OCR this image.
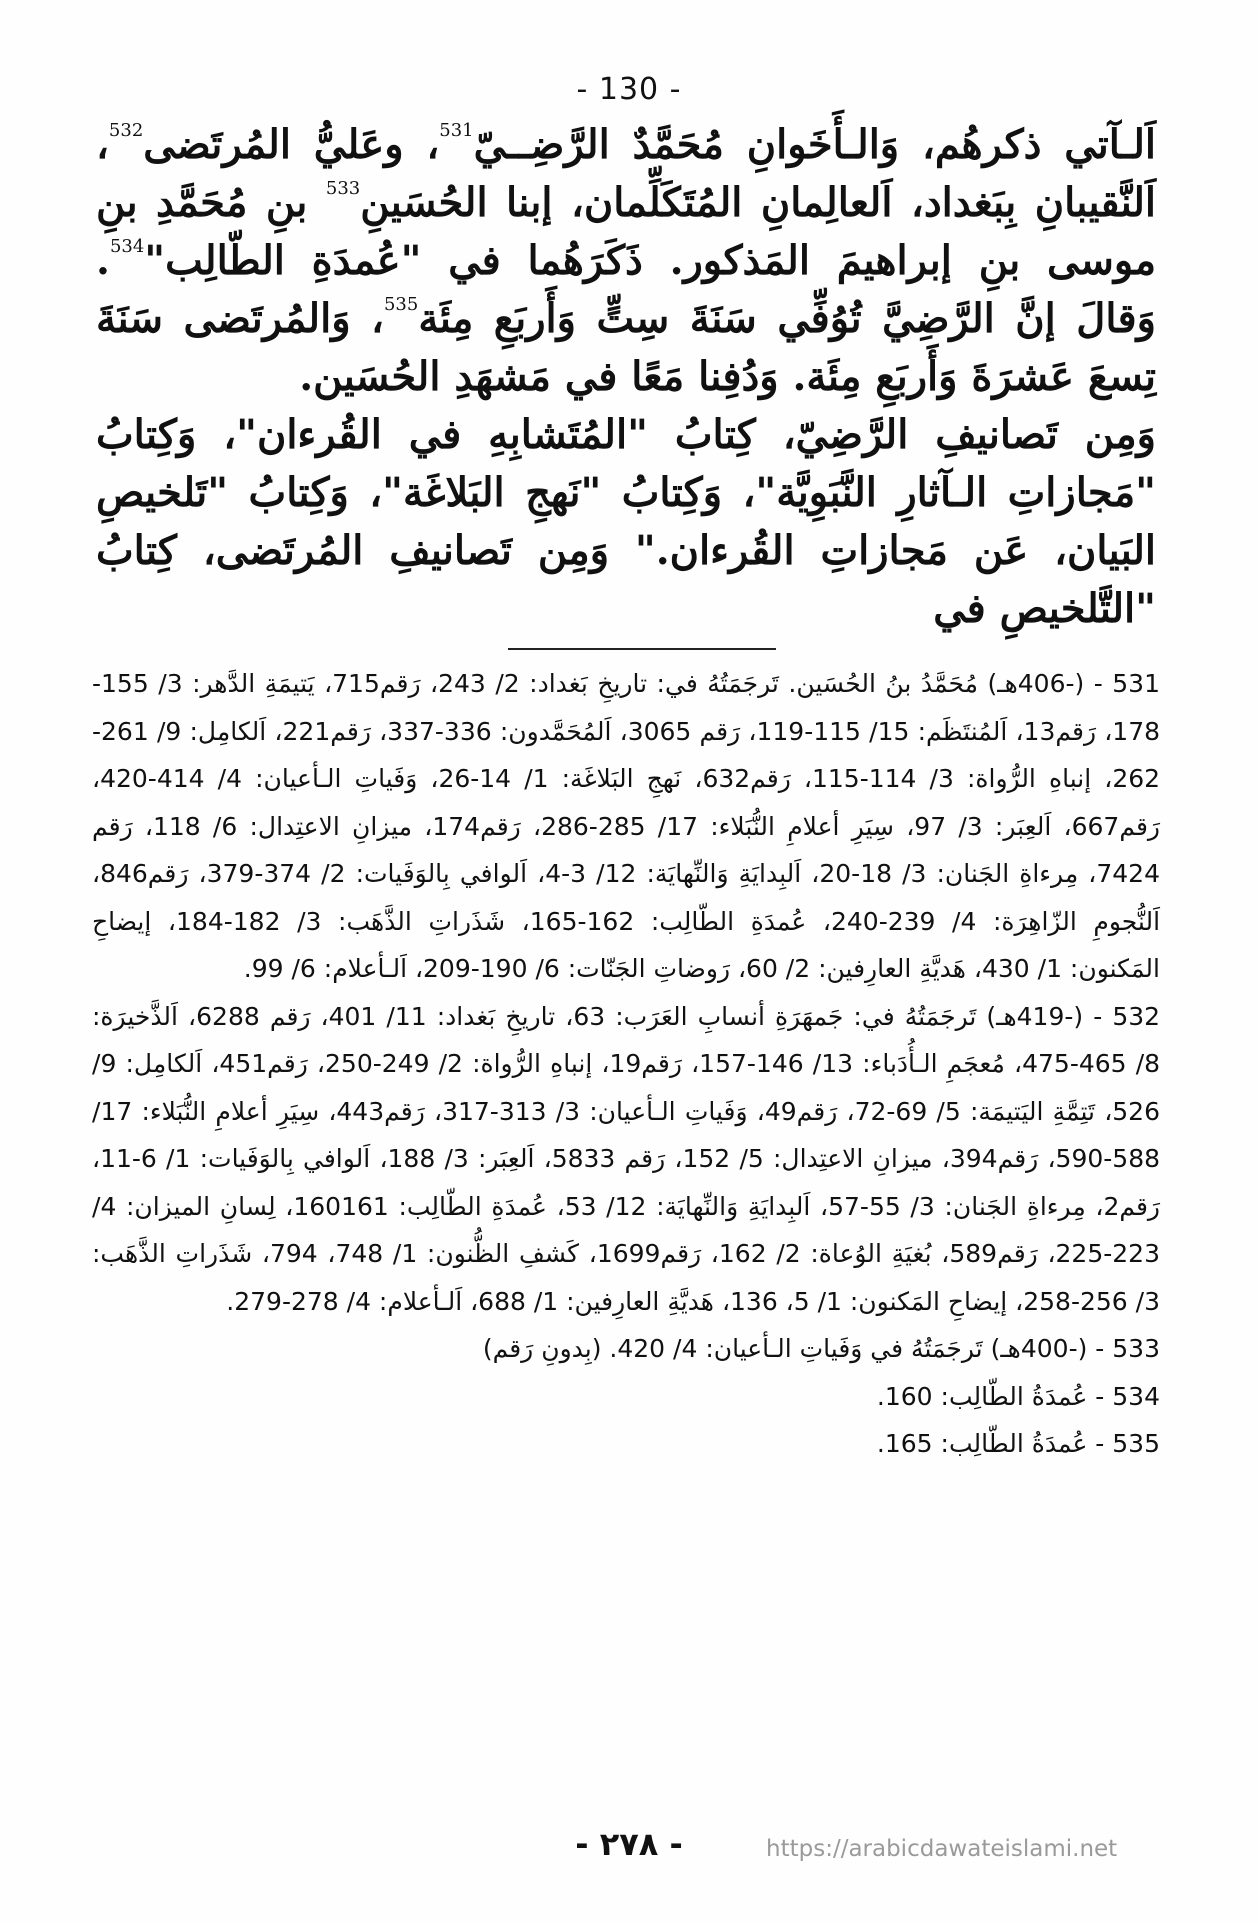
- 130 -

اَلـآتي ذكرهُم، وَالـأَخَوانِ مُحَمَّدٌ الرَّضِــيّ$^{531}$، وعَليُّ المُرتَضى$^{532}$، اَلنَّقيبانِ بِبَغداد، اَلعالِمانِ المُتَكَلِّمان، إبنا الحُسَينِ$^{533}$ بنِ مُحَمَّدِ بنِ موسى بنِ إبراهيمَ المَذكور. ذَكَرَهُما في "عُمدَةِ الطّالِب"$^{534}$. وَقالَ إنَّ الرَّضِيَّ تُوُفِّي سَنَةَ سِتٍّ وَأَربَعِ مِئَة$^{535}$، وَالمُرتَضى سَنَةَ تِسعَ عَشرَةَ وَأَربَعِ مِئَة. وَدُفِنا مَعًا في مَشهَدِ الحُسَين.

وَمِن تَصانيفِ الرَّضِيّ، كِتابُ "المُتَشابِهِ في القُرءان"، وَكِتابُ "مَجازاتِ الـآثارِ النَّبَوِيَّة"، وَكِتابُ "نَهجِ البَلاغَة"، وَكِتابُ "تَلخيصِ البَيان، عَن مَجازاتِ القُرءان." وَمِن تَصانيفِ المُرتَضى، كِتابُ "التَّلخيصِ في

531 - (-406هـ) مُحَمَّدُ بنُ الحُسَين. تَرجَمَتُهُ في: تاريخِ بَغداد: 2/ 243، رَقم715، يَتيمَةِ الدَّهر: 3/ 155-178، رَقم13، اَلمُنتَظَم: 15/ 115-119، رَقم 3065، اَلمُحَمَّدون: 336-337، رَقم221، اَلكامِل: 9/ 261-262، إنباهِ الرُّواة: 3/ 114-115، رَقم632، نَهجِ البَلاغَة: 1/ 14-26، وَفَياتِ الـأعيان: 4/ 414-420، رَقم667، اَلعِبَر: 3/ 97، سِيَرِ أعلامِ النُّبَلاء: 17/ 285-286، رَقم174، ميزانِ الاعتِدال: 6/ 118، رَقم 7424، مِرءاةِ الجَنان: 3/ 18-20، اَلبِدايَةِ وَالنِّهايَة: 12/ 3-4، اَلوافي بِالوَفَيات: 2/ 374-379، رَقم846، اَلنُّجومِ الزّاهِرَة: 4/ 239-240، عُمدَةِ الطّالِب: 162-165، شَذَراتِ الذَّهَب: 3/ 182-184، إيضاحِ المَكنون: 1/ 430، هَديَّةِ العارِفين: 2/ 60، رَوضاتِ الجَنّات: 6/ 190-209، اَلـأعلام: 6/ 99.

532 - (-419هـ) تَرجَمَتُهُ في: جَمهَرَةِ أنسابِ العَرَب: 63، تاريخِ بَغداد: 11/ 401، رَقم 6288، اَلذَّخيرَة: 8/ 465-475، مُعجَمِ الـأُدَباء: 13/ 146-157، رَقم19، إنباهِ الرُّواة: 2/ 249-250، رَقم451، اَلكامِل: 9/ 526، تَتِمَّةِ اليَتيمَة: 5/ 69-72، رَقم49، وَفَياتِ الـأعيان: 3/ 313-317، رَقم443، سِيَرِ أعلامِ النُّبَلاء: 17/ 588-590، رَقم394، ميزانِ الاعتِدال: 5/ 152، رَقم 5833، اَلعِبَر: 3/ 188، اَلوافي بِالوَفَيات: 1/ 6-11، رَقم2، مِرءاةِ الجَنان: 3/ 55-57، اَلبِدايَةِ وَالنِّهايَة: 12/ 53، عُمدَةِ الطّالِب: 160161، لِسانِ الميزان: 4/ 223-225، رَقم589، بُغيَةِ الوُعاة: 2/ 162، رَقم1699، كَشفِ الظُّنون: 1/ 748، 794، شَذَراتِ الذَّهَب: 3/ 256-258، إيضاحِ المَكنون: 1/ 5، 136، هَديَّةِ العارِفين: 1/ 688، اَلـأعلام: 4/ 278-279.

533 - (-400هـ) تَرجَمَتُهُ في وَفَياتِ الـأعيان: 4/ 420. (بِدونِ رَقم)

534 - عُمدَةُ الطّالِب: 160.

535 - عُمدَةُ الطّالِب: 165.

- ٢٧٨ -	https://arabicdawateislami.net
